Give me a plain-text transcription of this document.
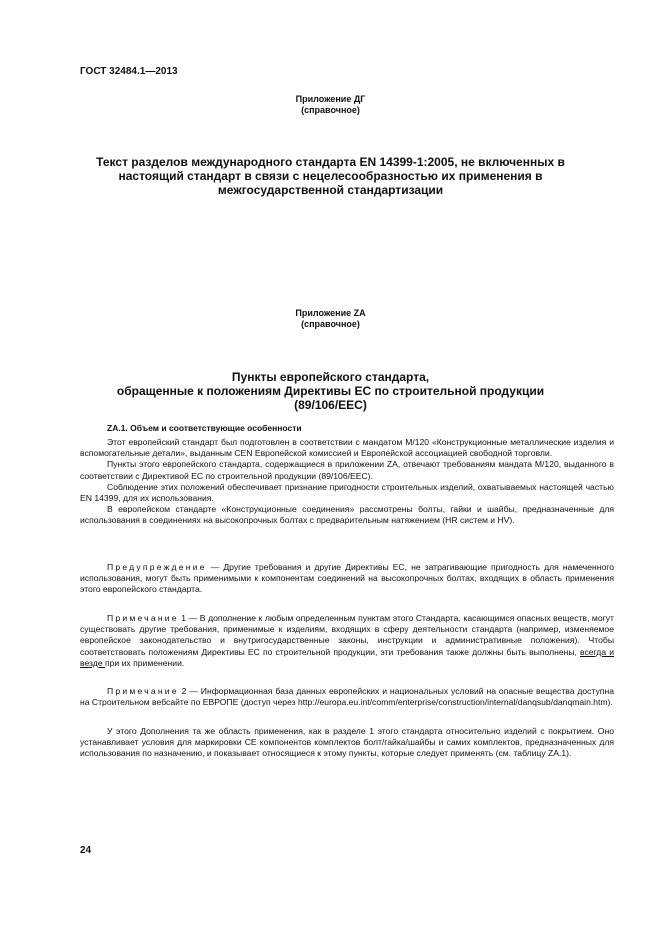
ГОСТ 32484.1—2013
Приложение ДГ
(справочное)
Текст разделов международного стандарта EN 14399-1:2005, не включенных в настоящий стандарт в связи с нецелесообразностью их применения в межгосударственной стандартизации
Приложение ZA
(справочное)
Пункты европейского стандарта,
обращенные к положениям Директивы ЕС по строительной продукции
(89/106/EEC)
ZA.1. Объем и соответствующие особенности

Этот европейский стандарт был подготовлен в соответствии с мандатом M/120 «Конструкционные металлические изделия и вспомогательные детали», выданным CEN Европейской комиссией и Европейской ассоциацией свободной торговли.

Пункты этого европейского стандарта, содержащиеся в приложении ZA, отвечают требованиям мандата M/120, выданного в соответствии с Директивой ЕС по строительной продукции (89/106/EEC).

Соблюдение этих положений обеспечивает признание пригодности строительных изделий, охватываемых настоящей частью EN 14399, для их использования.

В европейском стандарте «Конструкционные соединения» рассмотрены болты, гайки и шайбы, предназначенные для использования в соединениях на высокопрочных болтах с предварительным натяжением (HR систем и HV).

Предупреждение — Другие требования и другие Директивы ЕС, не затрагивающие пригодность для намеченного использования, могут быть применимыми к компонентам соединений на высокопрочных болтах, входящих в область применения этого европейского стандарта.

Примечание 1 — В дополнение к любым определенным пунктам этого Стандарта, касающимся опасных веществ, могут существовать другие требования, применимые к изделиям, входящих в сферу деятельности стандарта (например, изменяемое европейское законодательство и внутригосударственные законы, инструкции и административные положения). Чтобы соответствовать положениям Директивы ЕС по строительной продукции, эти требования также должны быть выполнены, всегда и везде при их применении.

Примечание 2 — Информационная база данных европейских и национальных условий на опасные вещества доступна на Строительном вебсайте по ЕВРОПЕ (доступ через http://europa.eu.int/comm/enterprise/construction/internal/danqsub/danqmain.htm).

У этого Дополнения та же область применения, как в разделе 1 этого стандарта относительно изделий с покрытием. Оно устанавливает условия для маркировки CE компонентов комплектов болт/гайка/шайбы и самих комплектов, предназначенных для использования по назначению, и показывает относящиеся к этому пункты, которые следует применять (см. таблицу ZA.1).

24
